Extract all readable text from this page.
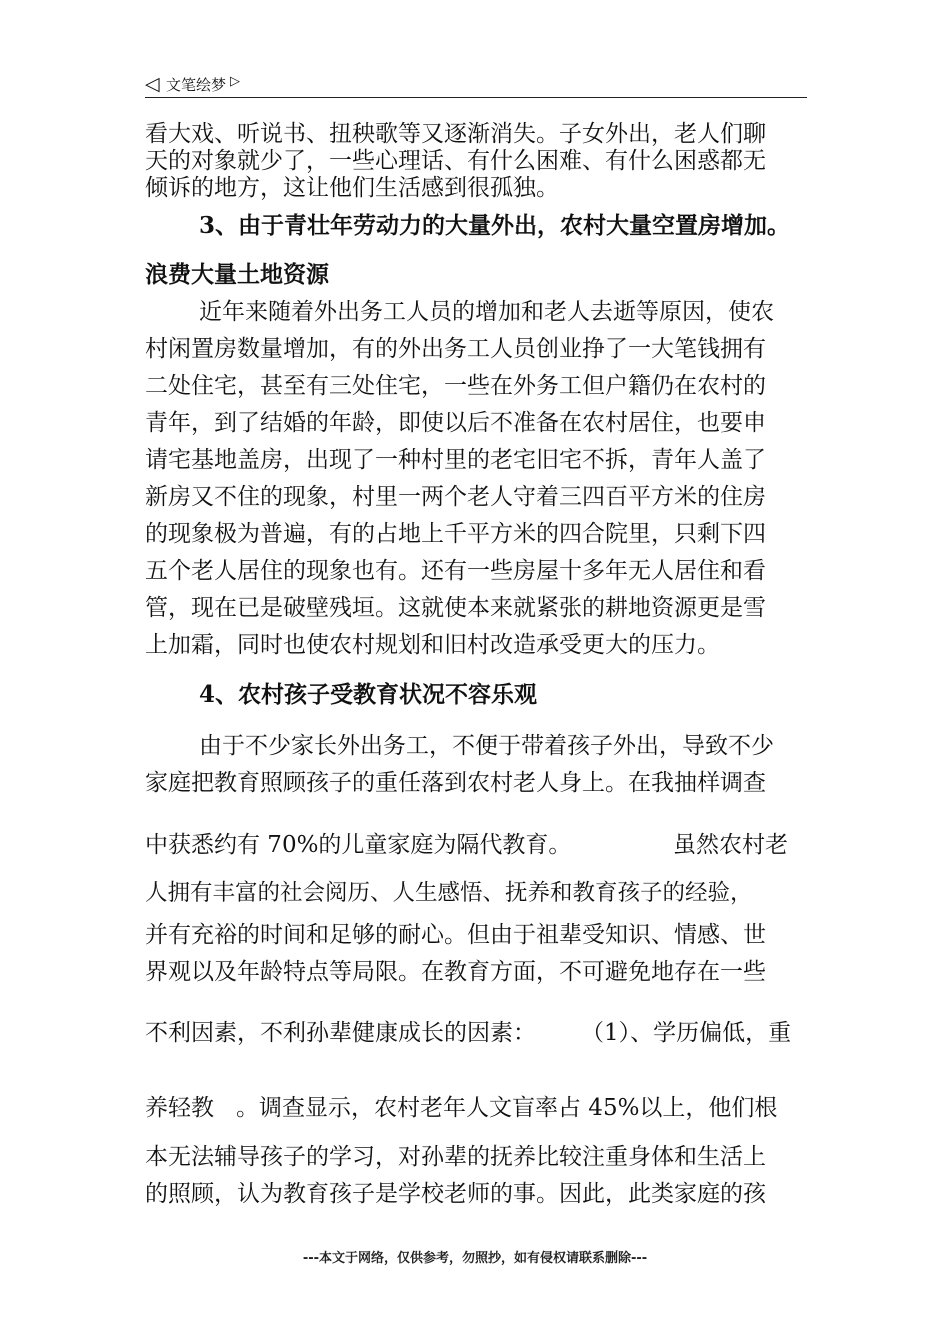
◁ 文笔绘梦 ▷
看大戏、听说书、扭秧歌等又逐渐消失。子女外出，老人们聊
天的对象就少了，一些心理话、有什么困难、有什么困惑都无
倾诉的地方，这让他们生活感到很孤独。
3、由于青壮年劳动力的大量外出，农村大量空置房增加。
浪费大量土地资源
近年来随着外出务工人员的增加和老人去逝等原因，使农
村闲置房数量增加，有的外出务工人员创业挣了一大笔钱拥有
二处住宅，甚至有三处住宅，一些在外务工但户籍仍在农村的
青年，到了结婚的年龄，即使以后不准备在农村居住，也要申
请宅基地盖房，出现了一种村里的老宅旧宅不拆，青年人盖了
新房又不住的现象，村里一两个老人守着三四百平方米的住房
的现象极为普遍，有的占地上千平方米的四合院里，只剩下四
五个老人居住的现象也有。还有一些房屋十多年无人居住和看
管，现在已是破壁残垣。这就使本来就紧张的耕地资源更是雪
上加霜，同时也使农村规划和旧村改造承受更大的压力。
4、农村孩子受教育状况不容乐观
由于不少家长外出务工，不便于带着孩子外出，导致不少
家庭把教育照顾孩子的重任落到农村老人身上。在我抽样调查
中获悉约有 70%的儿童家庭为隔代教育。	虽然农村老
人拥有丰富的社会阅历、人生感悟、抚养和教育孩子的经验，
并有充裕的时间和足够的耐心。但由于祖辈受知识、情感、世
界观以及年龄特点等局限。在教育方面，不可避免地存在一些
不利因素，不利孙辈健康成长的因素： （1）、学历偏低，重
养轻教 。调查显示，农村老年人文盲率占 45%以上，他们根
本无法辅导孩子的学习，对孙辈的抚养比较注重身体和生活上
的照顾，认为教育孩子是学校老师的事。因此，此类家庭的孩
---本文于网络，仅供参考，勿照抄，如有侵权请联系删除---
